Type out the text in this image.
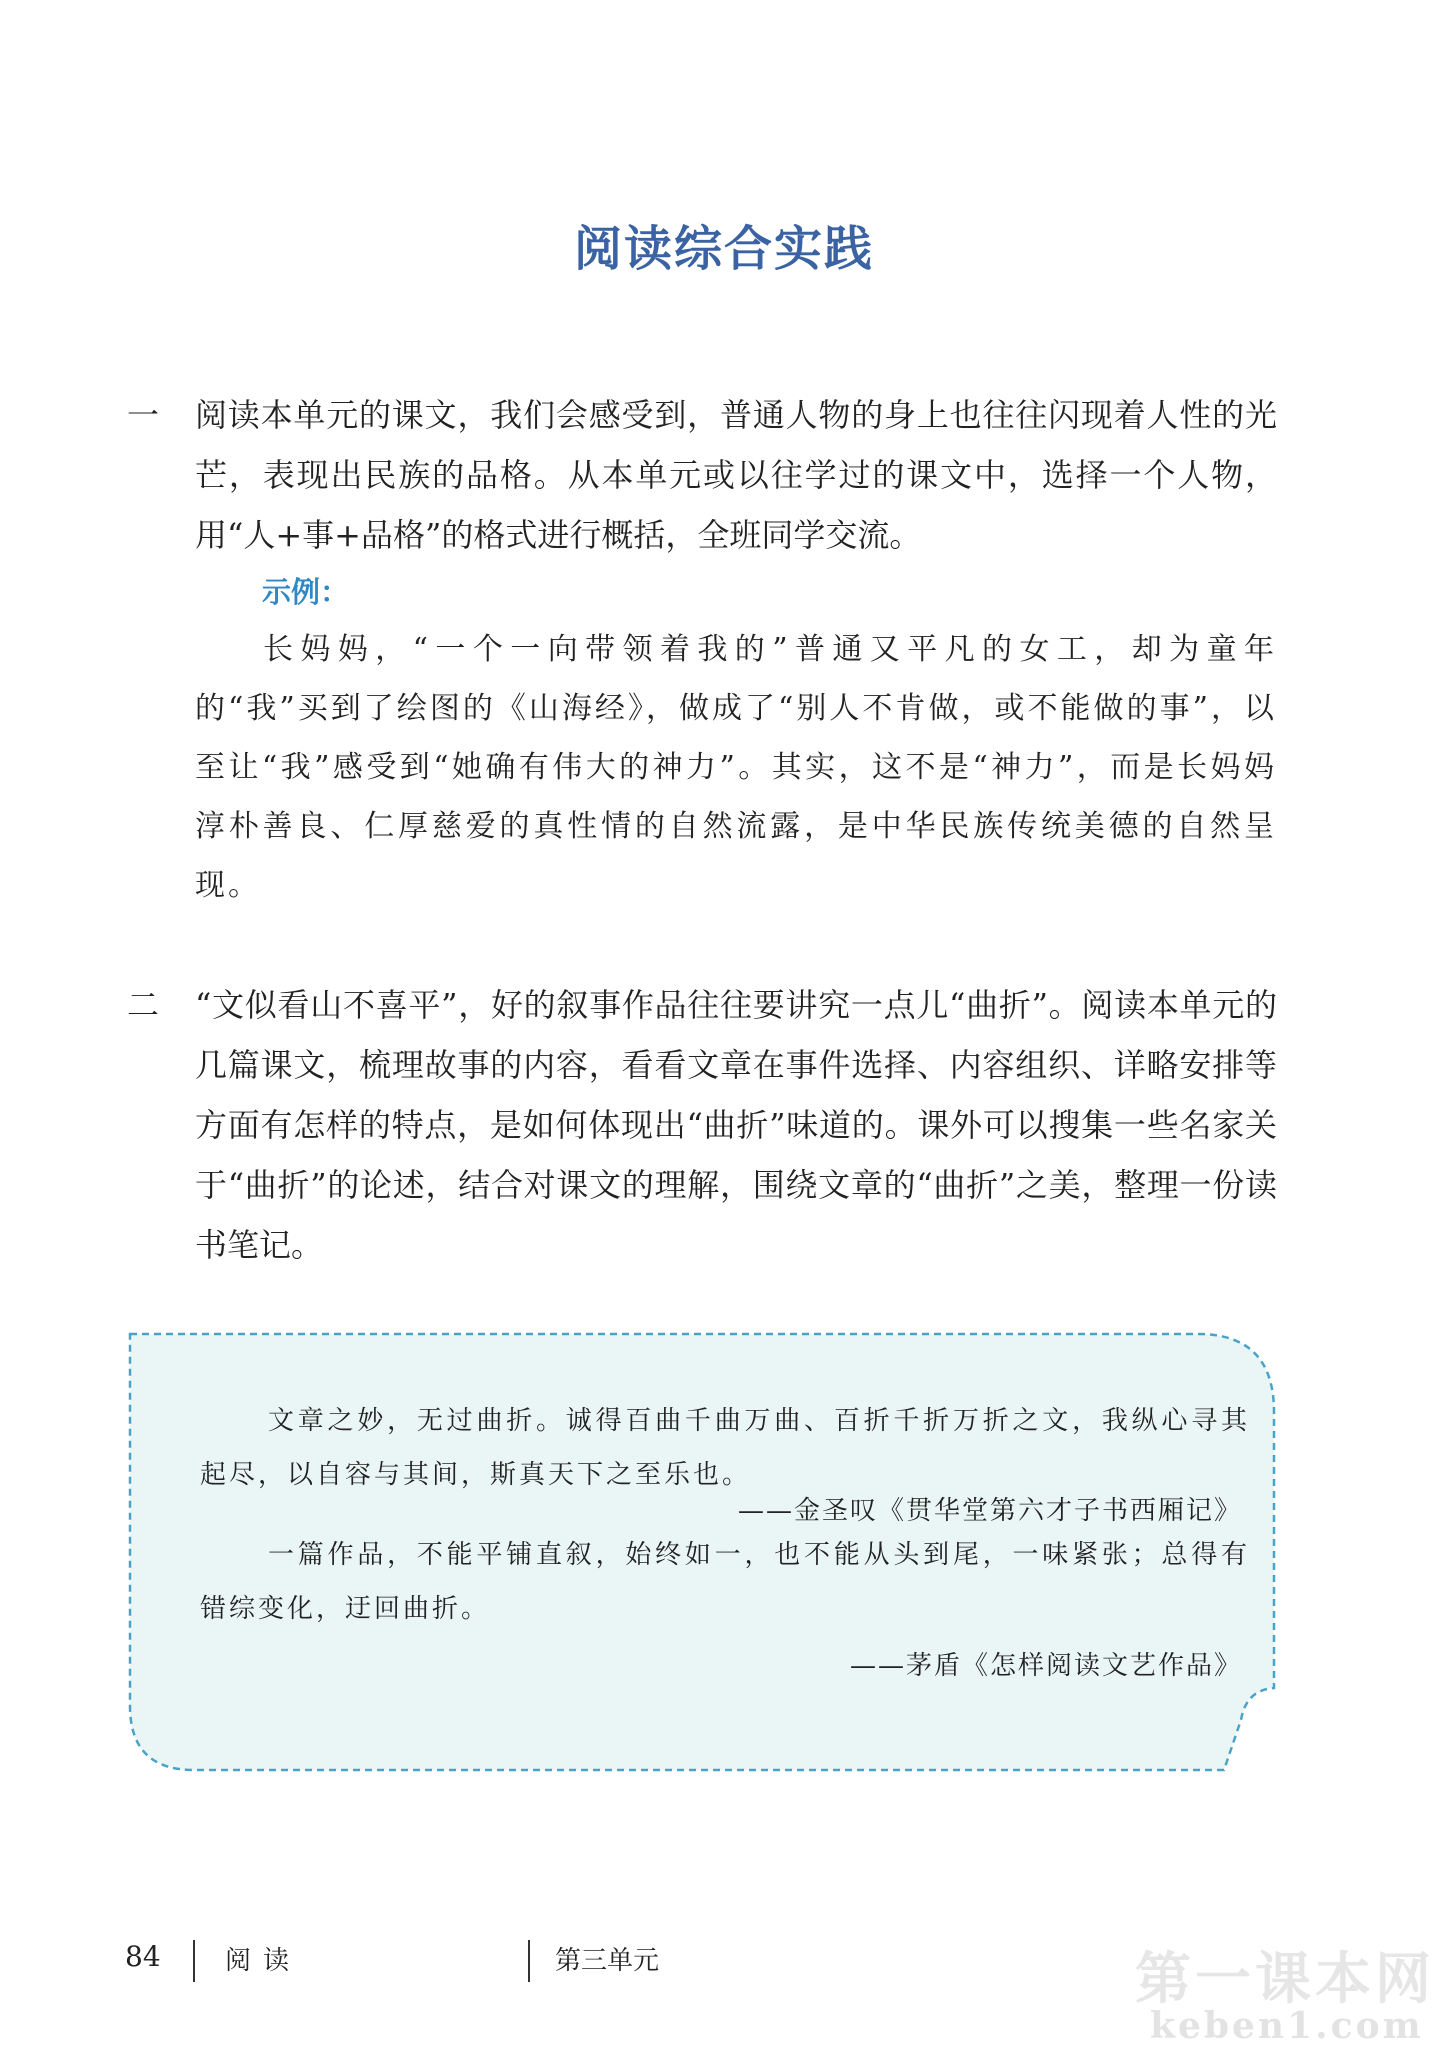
阅读综合实践
一 阅读本单元的课文，我们会感受到，普通人物的身上也往往闪现着人性的光芒，表现出民族的品格。从本单元或以往学过的课文中，选择一个人物，用“人+事+品格”的格式进行概括，全班同学交流。
示例：
长妈妈，“一个一向带领着我的”普通又平凡的女工，却为童年的“我”买到了绘图的《山海经》，做成了“别人不肯做，或不能做的事”，以至让“我”感受到“她确有伟大的神力”。其实，这不是“神力”，而是长妈妈淳朴善良、仁厚慈爱的真性情的自然流露，是中华民族传统美德的自然呈现。
二 “文似看山不喜平”，好的叙事作品往往要讲究一点儿“曲折”。阅读本单元的几篇课文，梳理故事的内容，看看文章在事件选择、内容组织、详略安排等方面有怎样的特点，是如何体现出“曲折”味道的。课外可以搜集一些名家关于“曲折”的论述，结合对课文的理解，围绕文章的“曲折”之美，整理一份读书笔记。
文章之妙，无过曲折。诚得百曲千曲万曲、百折千折万折之文，我纵心寻其起尽，以自容与其间，斯真天下之至乐也。
——金圣叹《贯华堂第六才子书西厢记》
一篇作品，不能平铺直叙，始终如一，也不能从头到尾，一味紧张；总得有错综变化，迂回曲折。
——茅盾《怎样阅读文艺作品》
84 阅读	第三单元	第一课本网
keben1.com
